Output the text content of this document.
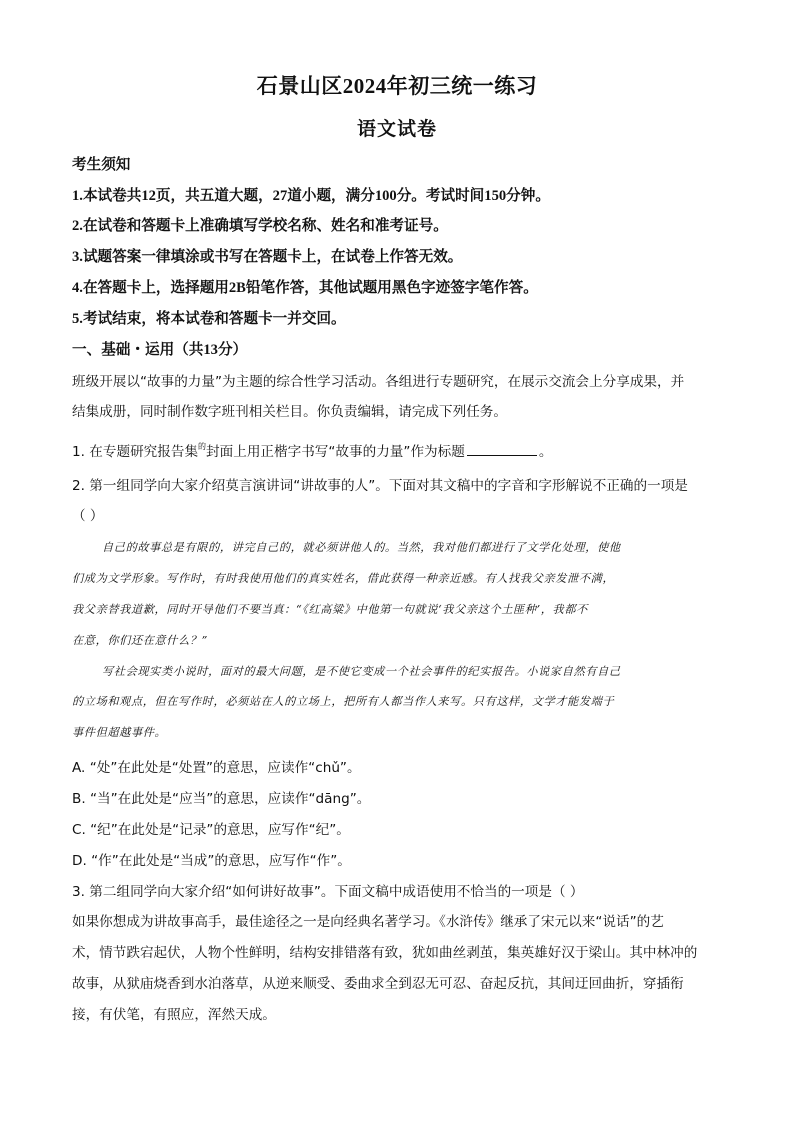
石景山区2024年初三统一练习
语文试卷
考生须知
1.本试卷共12页，共五道大题，27道小题，满分100分。考试时间150分钟。
2.在试卷和答题卡上准确填写学校名称、姓名和准考证号。
3.试题答案一律填涂或书写在答题卡上，在试卷上作答无效。
4.在答题卡上，选择题用2B铅笔作答，其他试题用黑色字迹签字笔作答。
5.考试结束，将本试卷和答题卡一并交回。
一、基础・运用（共13分）
班级开展以“故事的力量”为主题的综合性学习活动。各组进行专题研究，在展示交流会上分享成果，并
结集成册，同时制作数字班刊相关栏目。你负责编辑，请完成下列任务。
1. 在专题研究报告集$^的$封面上用正楷字书写“故事的力量”作为标题	。
2. 第一组同学向大家介绍莫言演讲词“讲故事的人”。下面对其文稿中的字音和字形解说不正确的一项是
（ ）
自己的故事总是有限的，讲完自己的，就必须讲他人的。当然，我对他们都进行了文学化处理，使他
们成为文学形象。写作时，有时我使用他们的真实姓名，借此获得一种亲近感。有人找我父亲发泄不满，
我父亲替我道歉，同时开导他们不要当真：“《红高粱》中他第一句就说‘我父亲这个土匪种’，我都不
在意，你们还在意什么？”
写社会现实类小说时，面对的最大问题，是不使它变成一个社会事件的纪实报告。小说家自然有自己
的立场和观点，但在写作时，必须站在人的立场上，把所有人都当作人来写。只有这样，文学才能发端于
事件但超越事件。
A. “处”在此处是“处置”的意思，应读作“chǔ”。
B. “当”在此处是“应当”的意思，应读作“dāng”。
C. “纪”在此处是“记录”的意思，应写作“纪”。
D. “作”在此处是“当成”的意思，应写作“作”。
3. 第二组同学向大家介绍“如何讲好故事”。下面文稿中成语使用不恰当的一项是（ ）
如果你想成为讲故事高手，最佳途径之一是向经典名著学习。《水浒传》继承了宋元以来“说话”的艺
术，情节跌宕起伏，人物个性鲜明，结构安排错落有致，犹如曲丝剥茧，集英雄好汉于梁山。其中林冲的
故事，从狱庙烧香到水泊落草，从逆来顺受、委曲求全到忍无可忍、奋起反抗，其间迂回曲折，穿插衔
接，有伏笔，有照应，浑然天成。
